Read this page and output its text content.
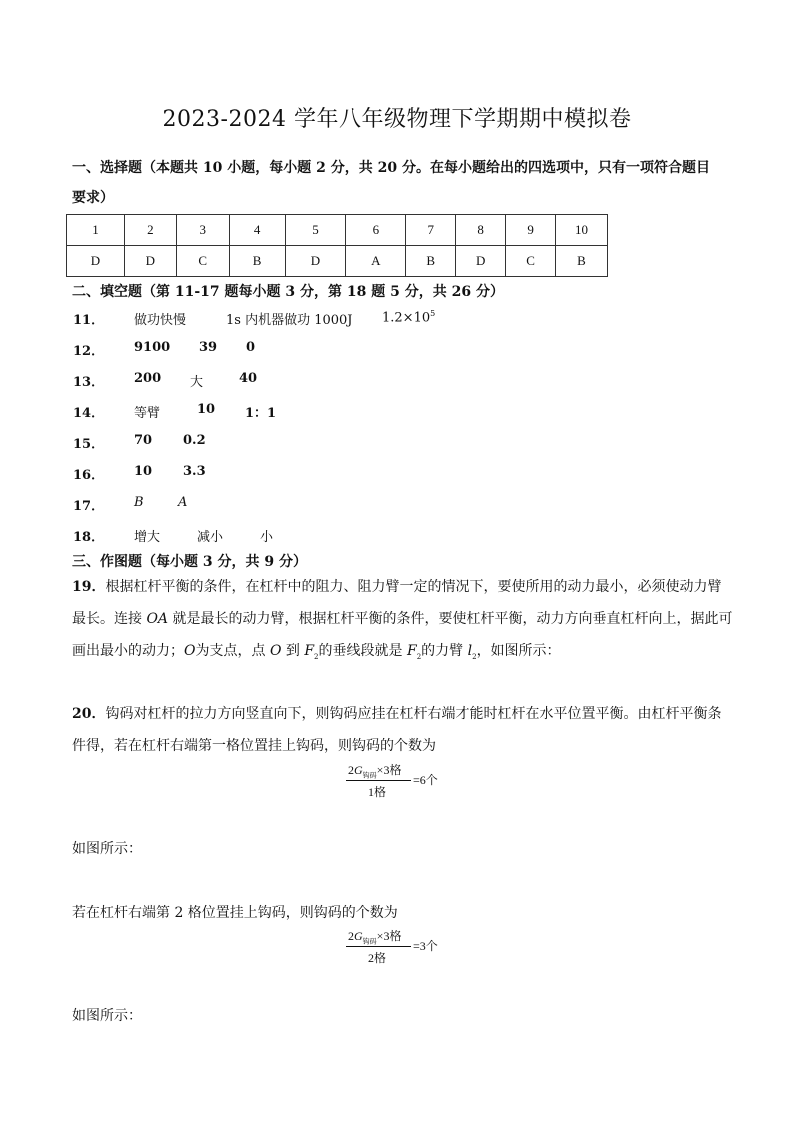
2023-2024 学年八年级物理下学期期中模拟卷
一、选择题（本题共 10 小题，每小题 2 分，共 20 分。在每小题给出的四选项中，只有一项符合题目
要求）
1	2	3	4	5	6	7	8	9	10
D	D	C	B	D	A	B	D	C	B
二、填空题（第 11-17 题每小题 3 分，第 18 题 5 分，共 26 分）
11． 做功快慢	1s 内机器做功 1000J $1.2\times 10^5$
12． 9100 39 0
13． 200 大	40
14． 等臂	10 1：1
15． 70 0.2
16． 10 3.3
17． B	A
18． 增大	减小	小
三、作图题（每小题 3 分，共 9 分）
19．根据杠杆平衡的条件，在杠杆中的阻力、阻力臂一定的情况下，要使所用的动力最小，必须使动力臂
最长。连接 OA 就是最长的动力臂，根据杠杆平衡的条件，要使杠杆平衡，动力方向垂直杠杆向上，据此可
画出最小的动力；O为支点，点 O 到 $F_2$的垂线段就是 $F_2$的力臂 $l_2$，如图所示：
20．钩码对杠杆的拉力方向竖直向下，则钩码应挂在杠杆右端才能时杠杆在水平位置平衡。由杠杆平衡条
件得，若在杠杆右端第一格位置挂上钩码，则钩码的个数为
$2G_{钩码}\times 3$格
1格
=6个
如图所示：
若在杠杆右端第 2 格位置挂上钩码，则钩码的个数为
$2G_{钩码}\times 3$格
2格
=3个
如图所示：
